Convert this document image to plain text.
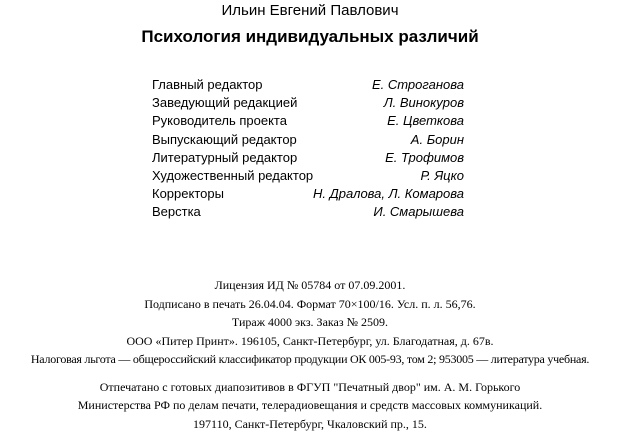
Ильин Евгений Павлович
Психология индивидуальных различий
Главный редактор	Е. Строганова
Заведующий редакцией	Л. Винокуров
Руководитель проекта	Е. Цветкова
Выпускающий редактор	А. Борин
Литературный редактор	Е. Трофимов
Художественный редактор	Р. Яцко
Корректоры	Н. Дралова, Л. Комарова
Верстка	И. Смарышева
Лицензия ИД № 05784 от 07.09.2001.
Подписано в печать 26.04.04. Формат 70×100/16. Усл. п. л. 56,76.
Тираж 4000 экз. Заказ № 2509.
ООО «Питер Принт». 196105, Санкт-Петербург, ул. Благодатная, д. 67в.
Налоговая льгота — общероссийский классификатор продукции ОК 005-93, том 2; 953005 — литература учебная.
Отпечатано с готовых диапозитивов в ФГУП "Печатный двор" им. А. М. Горького
Министерства РФ по делам печати, телерадиовещания и средств массовых коммуникаций.
197110, Санкт-Петербург, Чкаловский пр., 15.
